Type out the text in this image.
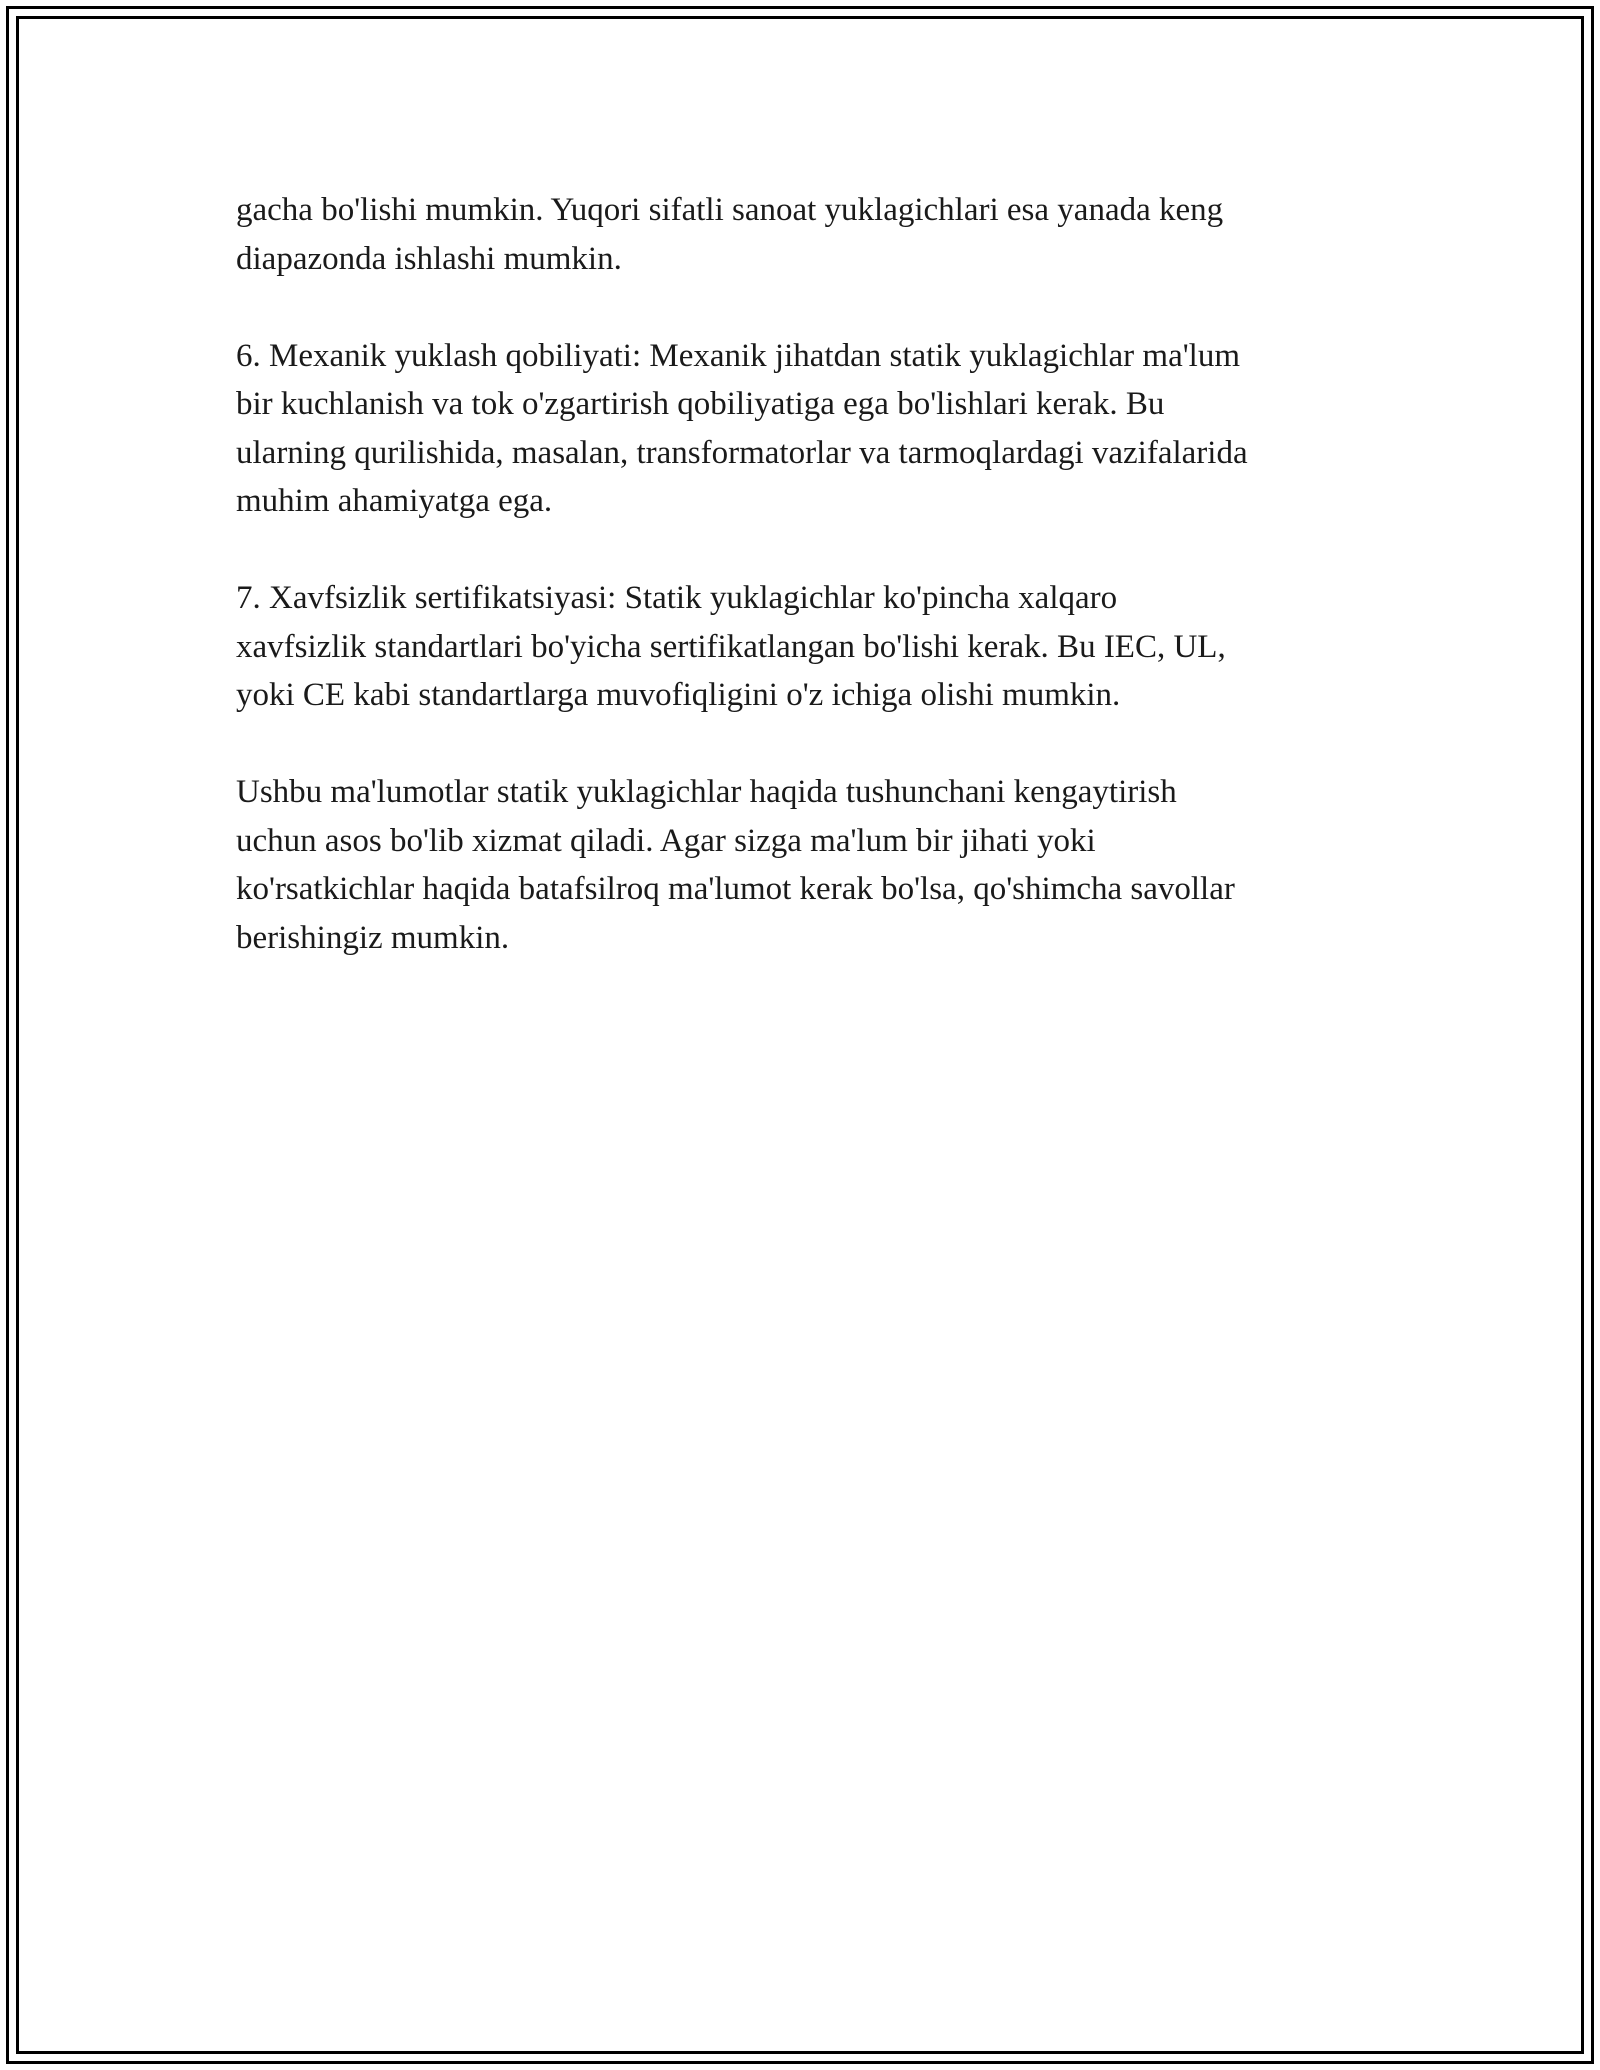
gacha bo'lishi mumkin. Yuqori sifatli sanoat yuklagichlari esa yanada keng
diapazonda ishlashi mumkin.

6. Mexanik yuklash qobiliyati: Mexanik jihatdan statik yuklagichlar ma'lum
bir kuchlanish va tok o'zgartirish qobiliyatiga ega bo'lishlari kerak. Bu
ularning qurilishida, masalan, transformatorlar va tarmoqlardagi vazifalarida
muhim ahamiyatga ega.

7. Xavfsizlik sertifikatsiyasi: Statik yuklagichlar ko'pincha xalqaro
xavfsizlik standartlari bo'yicha sertifikatlangan bo'lishi kerak. Bu IEC, UL,
yoki CE kabi standartlarga muvofiqligini o'z ichiga olishi mumkin.

Ushbu ma'lumotlar statik yuklagichlar haqida tushunchani kengaytirish
uchun asos bo'lib xizmat qiladi. Agar sizga ma'lum bir jihati yoki
ko'rsatkichlar haqida batafsilroq ma'lumot kerak bo'lsa, qo'shimcha savollar
berishingiz mumkin.
